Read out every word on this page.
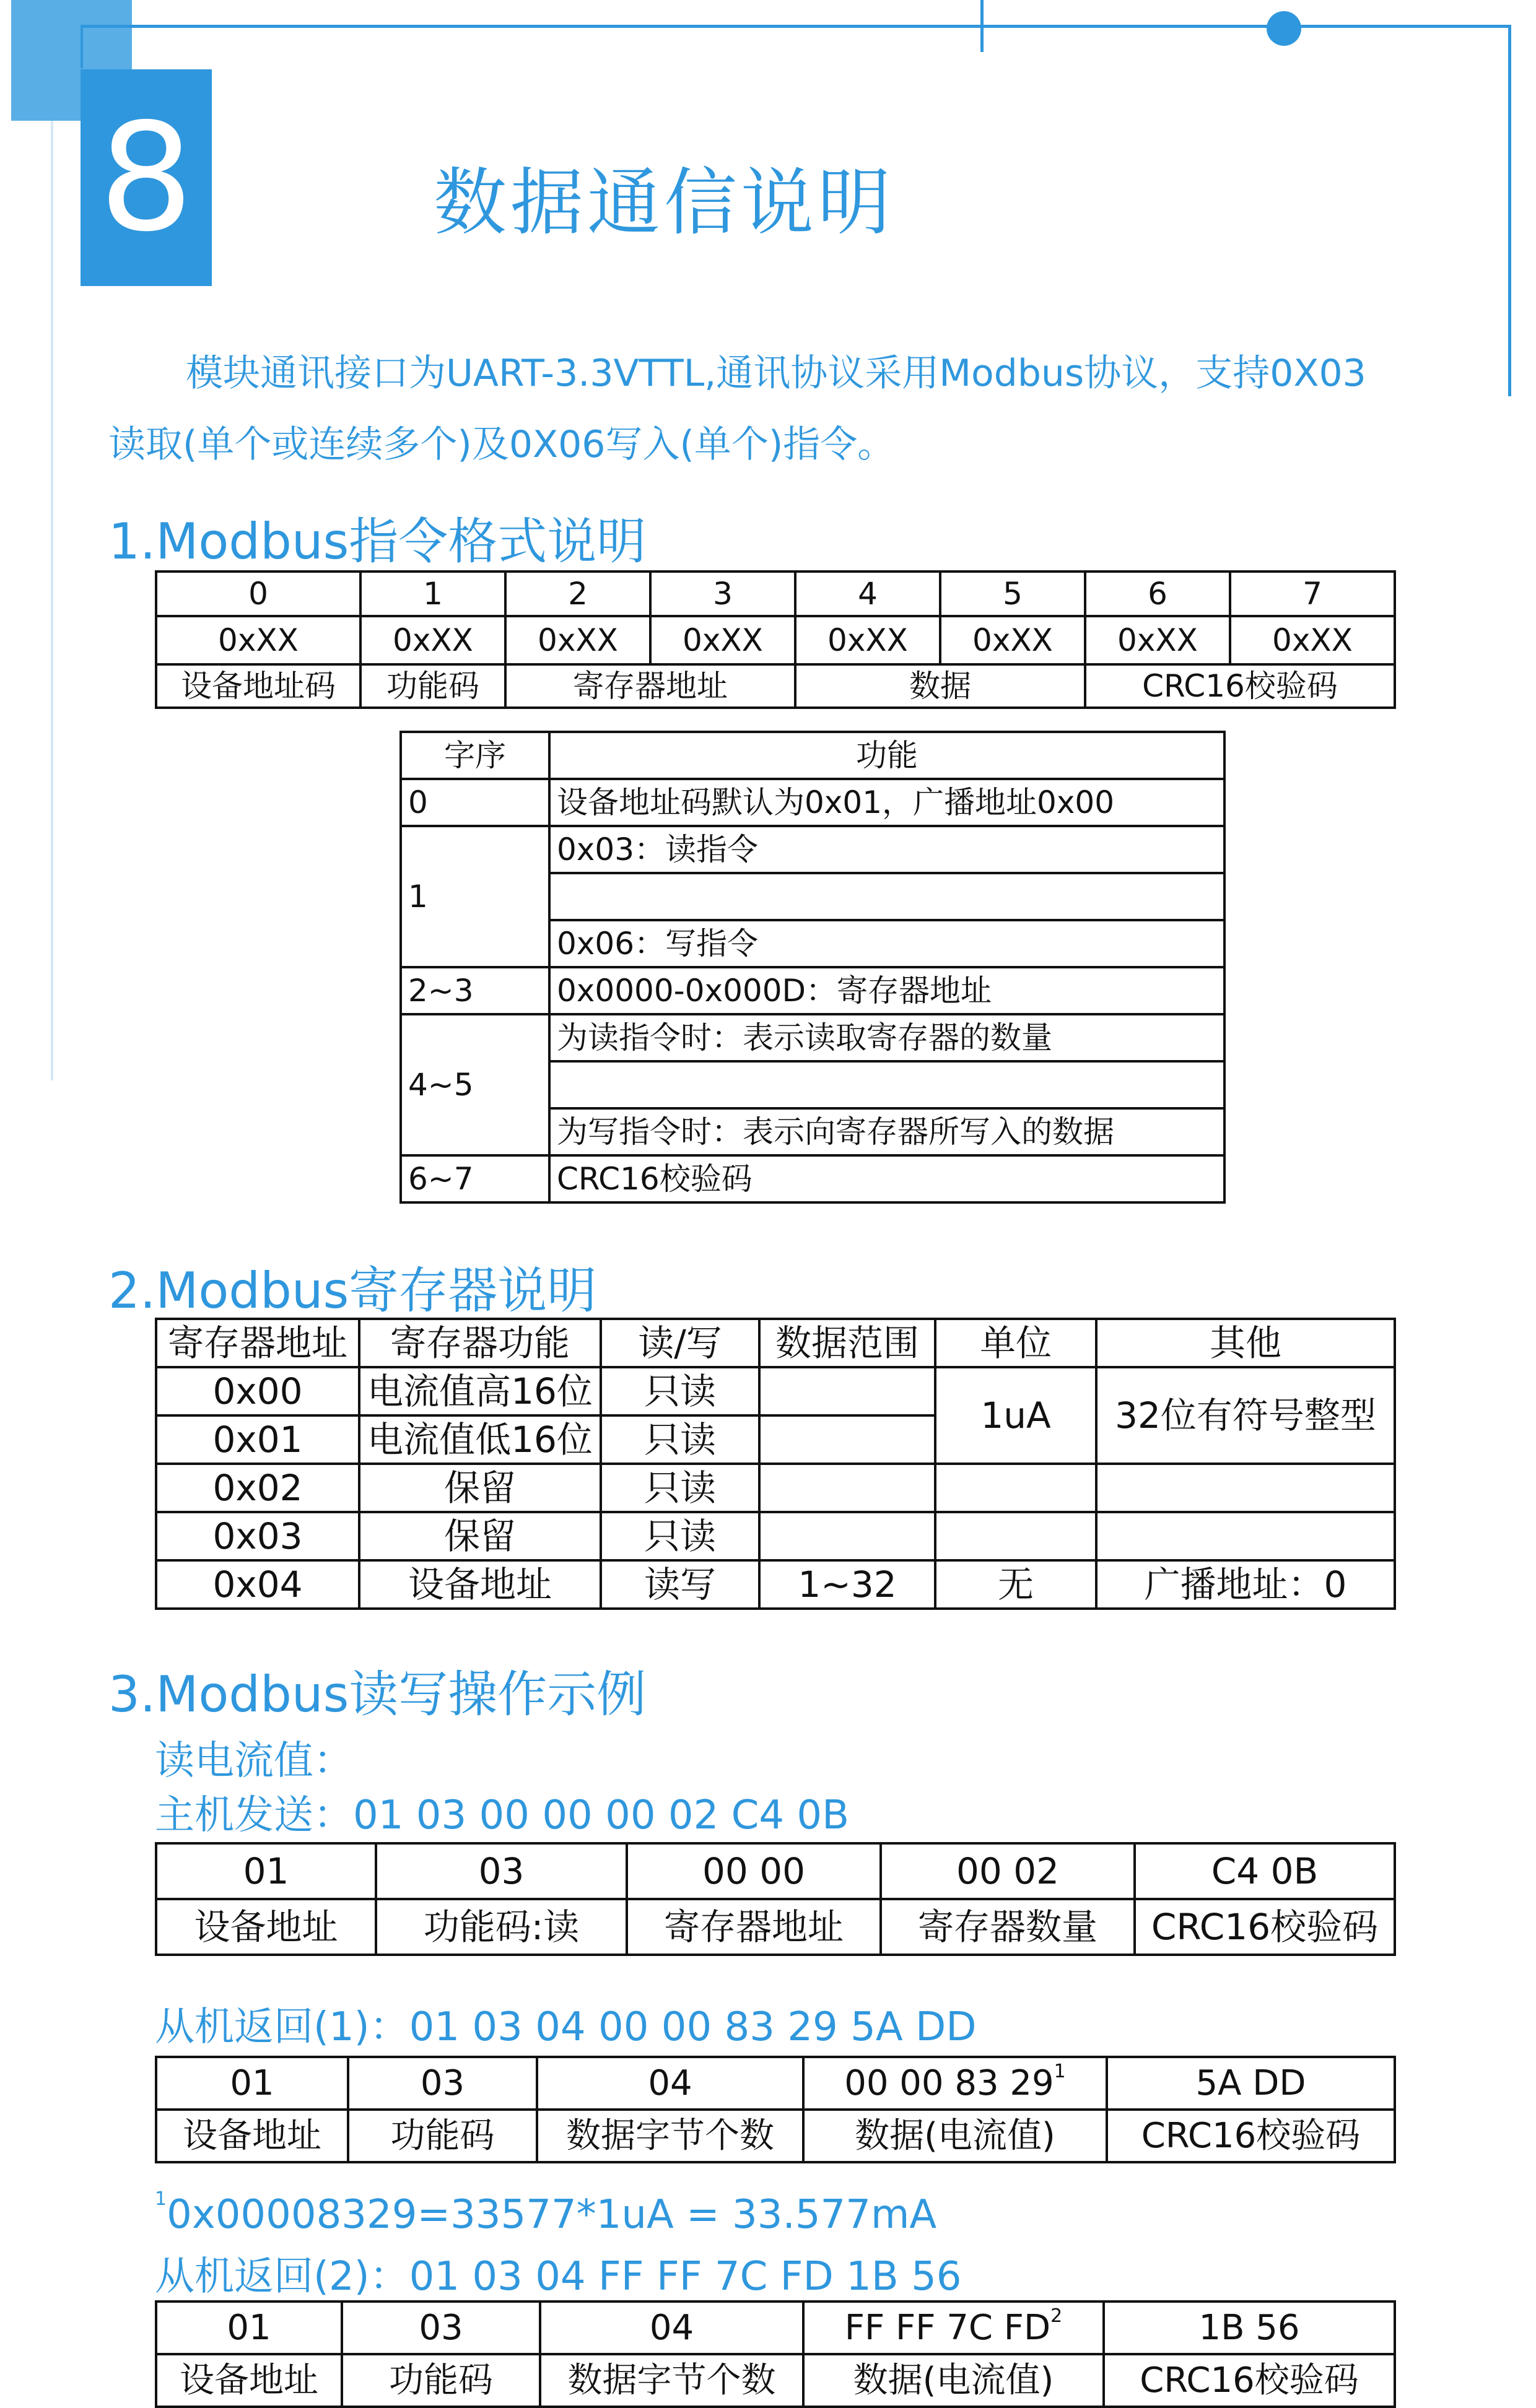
8	数据通信说明
模块通讯接口为UART-3.3VTTL,通讯协议采用Modbus协议，支持0X03
读取(单个或连续多个)及0X06写入(单个)指令。
1.Modbus指令格式说明
0	1	2	3	4	5	6	7
0xXX	0xXX	0xXX	0xXX	0xXX	0xXX	0xXX	0xXX
设备地址码	功能码	寄存器地址		数据		CRC16校验码	
字序	功能
0	设备地址码默认为0x01，广播地址0x00
1	0x03：读指令

	0x06：写指令
2~3	0x0000-0x000D：寄存器地址
4~5	为读指令时：表示读取寄存器的数量

	为写指令时：表示向寄存器所写入的数据
6~7	CRC16校验码
2.Modbus寄存器说明
寄存器地址	寄存器功能	读/写	数据范围	单位	其他
0x00	电流值高16位	只读		1uA	32位有符号整型
0x01	电流值低16位	只读			
0x02	保留	只读			
0x03	保留	只读			
0x04	设备地址	读写	1~32	无	广播地址：0
3.Modbus读写操作示例
读电流值：
主机发送：01 03 00 00 00 02 C4 0B
01	03	00 00	00 02	C4 0B
设备地址	功能码:读	寄存器地址	寄存器数量	CRC16校验码
从机返回(1)：01 03 04 00 00 83 29 5A DD
01	03	04	00 00 83 $29^1$	5A DD
设备地址	功能码	数据字节个数	数据(电流值)	CRC16校验码
$^1$0x00008329=33577*1uA = 33.577mA
从机返回(2)：01 03 04 FF FF 7C FD 1B 56
01	03	04	FF FF 7C $FD^2$	1B 56
设备地址	功能码	数据字节个数	数据(电流值)	CRC16校验码
